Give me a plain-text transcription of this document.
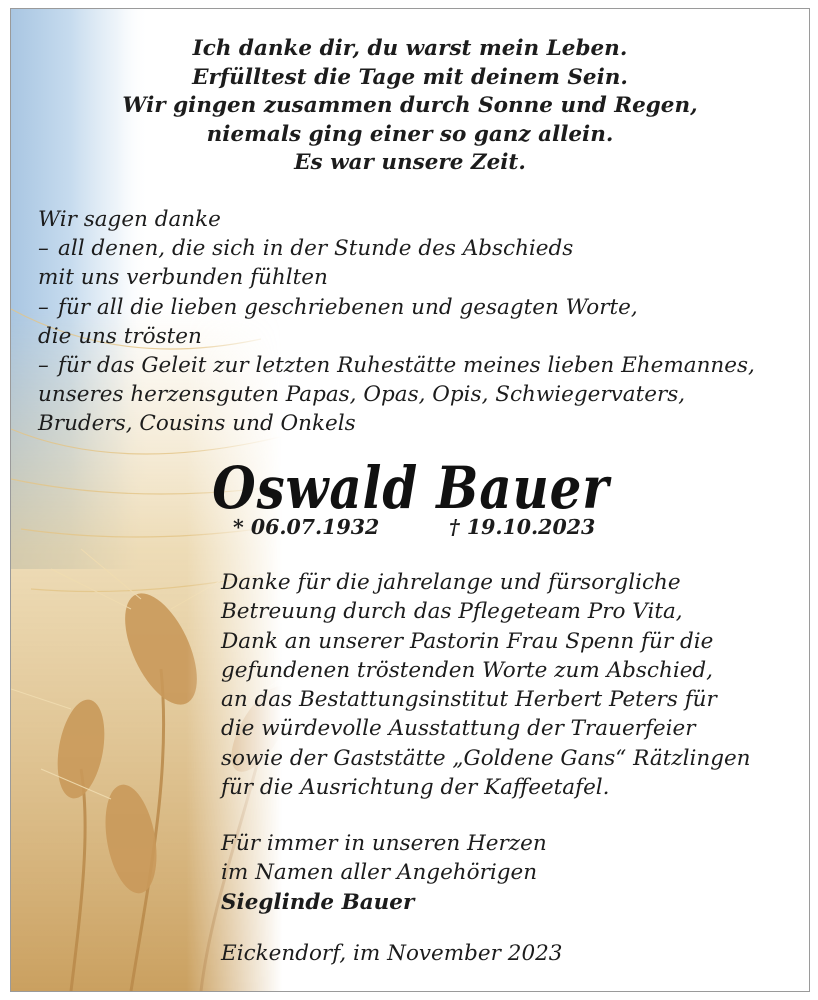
Ich danke dir, du warst mein Leben.
Erfülltest die Tage mit deinem Sein.
Wir gingen zusammen durch Sonne und Regen,
niemals ging einer so ganz allein.
Es war unsere Zeit.
Wir sagen danke
– all denen, die sich in der Stunde des Abschieds
mit uns verbunden fühlten
– für all die lieben geschriebenen und gesagten Worte,
die uns trösten
– für das Geleit zur letzten Ruhestätte meines lieben Ehemannes,
unseres herzensguten Papas, Opas, Opis, Schwiegervaters,
Bruders, Cousins und Onkels
Oswald Bauer
* 06.07.1932	† 19.10.2023
Danke für die jahrelange und fürsorgliche
Betreuung durch das Pflegeteam Pro Vita,
Dank an unserer Pastorin Frau Spenn für die
gefundenen tröstenden Worte zum Abschied,
an das Bestattungsinstitut Herbert Peters für
die würdevolle Ausstattung der Trauerfeier
sowie der Gaststätte „Goldene Gans“ Rätzlingen
für die Ausrichtung der Kaffeetafel.
Für immer in unseren Herzen
im Namen aller Angehörigen
Sieglinde Bauer
Eickendorf, im November 2023
